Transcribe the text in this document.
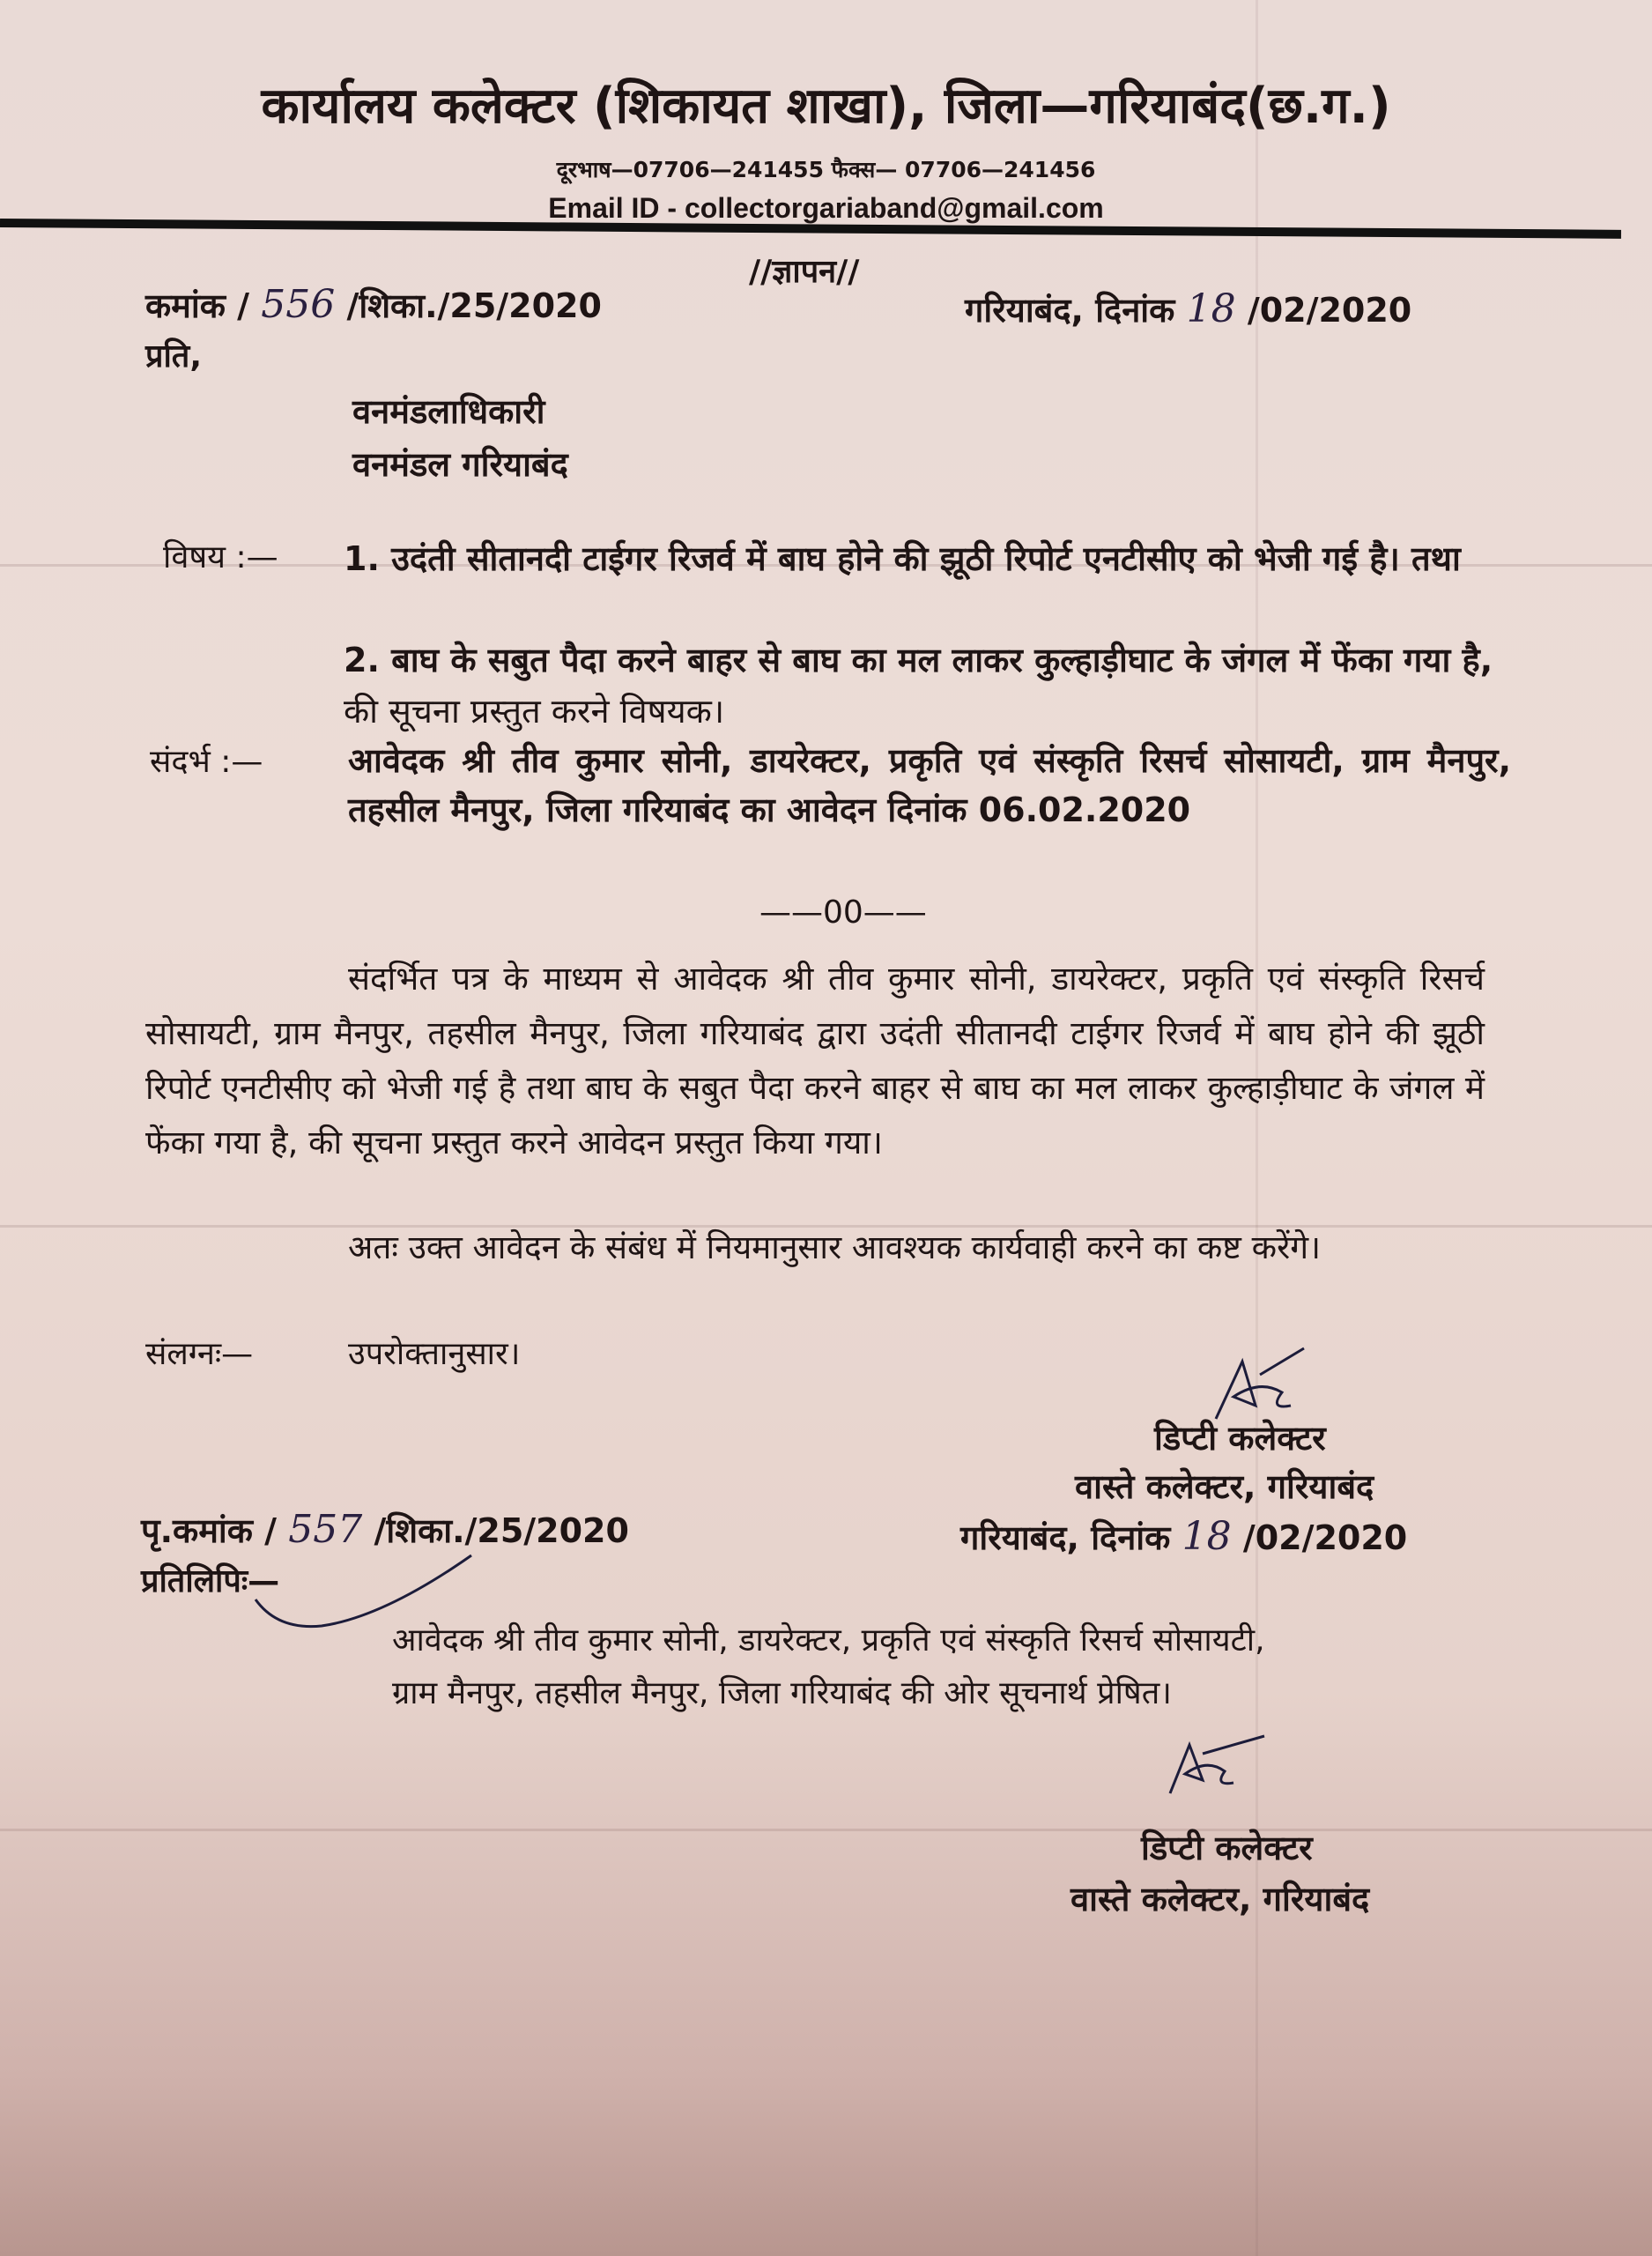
कार्यालय कलेक्टर (शिकायत शाखा), जिला—गरियाबंद(छ.ग.)
दूरभाष—07706—241455 फैक्स— 07706—241456
Email ID - collectorgariaband@gmail.com
//ज्ञापन//
कमांक / 556 /शिका./25/2020	गरियाबंद, दिनांक 18 /02/2020
प्रति,
वनमंडलाधिकारी
वनमंडल गरियाबंद
विषय :— 1. उदंती सीतानदी टाईगर रिजर्व में बाघ होने की झूठी रिपोर्ट एनटीसीए को भेजी गई है। तथा
2. बाघ के सबुत पैदा करने बाहर से बाघ का मल लाकर कुल्हाड़ीघाट के जंगल में फेंका गया है, की सूचना प्रस्तुत करने विषयक।
संदर्भ :—	आवेदक श्री तीव कुमार सोनी, डायरेक्टर, प्रकृति एवं संस्कृति रिसर्च सोसायटी, ग्राम मैनपुर, तहसील मैनपुर, जिला गरियाबंद का आवेदन दिनांक 06.02.2020
——00——
संदर्भित पत्र के माध्यम से आवेदक श्री तीव कुमार सोनी, डायरेक्टर, प्रकृति एवं संस्कृति रिसर्च सोसायटी, ग्राम मैनपुर, तहसील मैनपुर, जिला गरियाबंद द्वारा उदंती सीतानदी टाईगर रिजर्व में बाघ होने की झूठी रिपोर्ट एनटीसीए को भेजी गई है तथा बाघ के सबुत पैदा करने बाहर से बाघ का मल लाकर कुल्हाड़ीघाट के जंगल में फेंका गया है, की सूचना प्रस्तुत करने आवेदन प्रस्तुत किया गया।
अतः उक्त आवेदन के संबंध में नियमानुसार आवश्यक कार्यवाही करने का कष्ट करेंगे।
संलग्नः—	उपरोक्तानुसार।
डिप्टी कलेक्टर
वास्ते कलेक्टर, गरियाबंद
पृ.कमांक / 557 /शिका./25/2020	गरियाबंद, दिनांक 18 /02/2020
प्रतिलिपिः—
आवेदक श्री तीव कुमार सोनी, डायरेक्टर, प्रकृति एवं संस्कृति रिसर्च सोसायटी,
ग्राम मैनपुर, तहसील मैनपुर, जिला गरियाबंद की ओर सूचनार्थ प्रेषित।
डिप्टी कलेक्टर
वास्ते कलेक्टर, गरियाबंद
